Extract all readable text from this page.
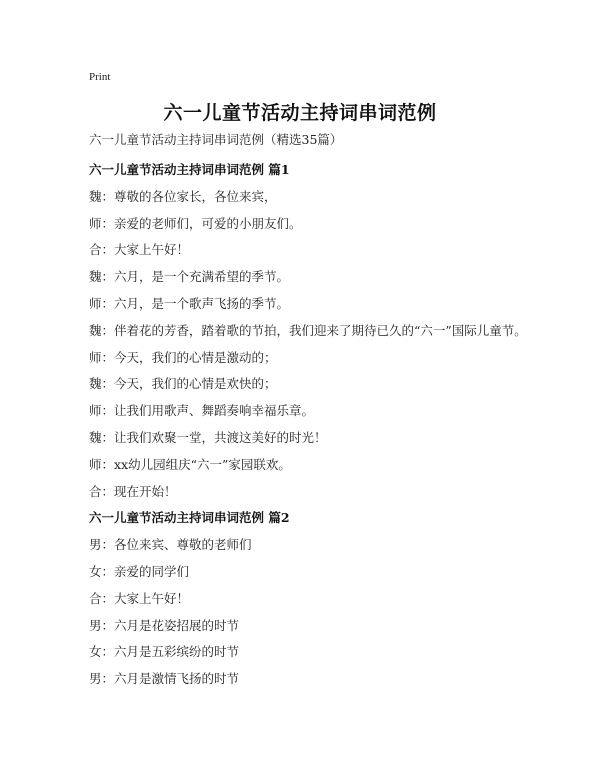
Print
六一儿童节活动主持词串词范例
六一儿童节活动主持词串词范例（精选35篇）
六一儿童节活动主持词串词范例 篇1
魏：尊敬的各位家长，各位来宾，
师：亲爱的老师们，可爱的小朋友们。
合：大家上午好！
魏：六月，是一个充满希望的季节。
师：六月，是一个歌声飞扬的季节。
魏：伴着花的芳香，踏着歌的节拍，我们迎来了期待已久的“六一”国际儿童节。
师：今天，我们的心情是激动的；
魏：今天，我们的心情是欢快的；
师：让我们用歌声、舞蹈奏响幸福乐章。
魏：让我们欢聚一堂，共渡这美好的时光！
师：xx幼儿园组庆“六一”家园联欢。
合：现在开始！
六一儿童节活动主持词串词范例 篇2
男：各位来宾、尊敬的老师们
女：亲爱的同学们
合：大家上午好！
男：六月是花姿招展的时节
女：六月是五彩缤纷的时节
男：六月是激情飞扬的时节
